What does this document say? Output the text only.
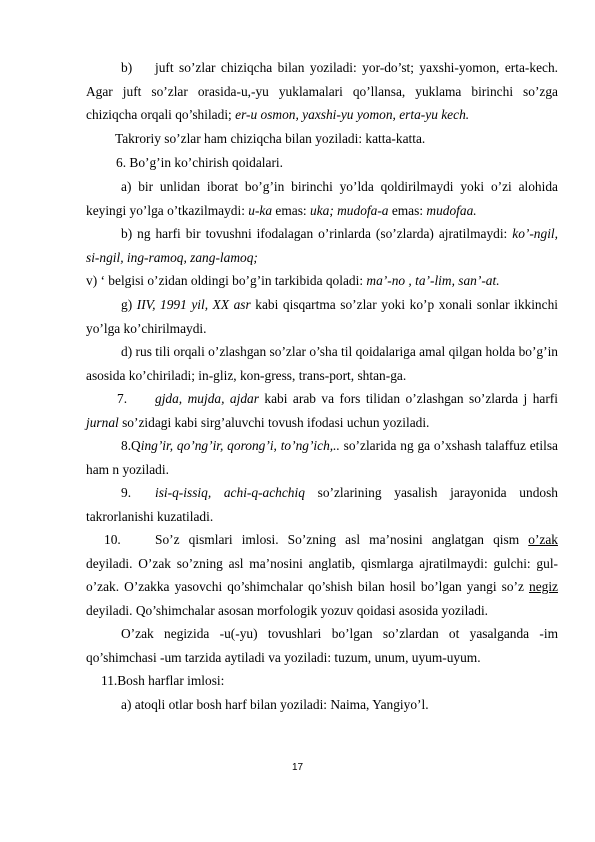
b)	juft so’zlar chiziqcha bilan yoziladi: yor-do’st; yaxshi-yomon, erta-kech. Agar juft so’zlar orasida-u,-yu yuklamalari qo’llansa, yuklama birinchi so’zga chiziqcha orqali qo’shiladi; er-u osmon, yaxshi-yu yomon, erta-yu kech.

Takroriy so’zlar ham chiziqcha bilan yoziladi: katta-katta.

6. Bo’g’in ko’chirish qoidalari.

a) bir unlidan iborat bo’g’in birinchi yo’lda qoldirilmaydi yoki o’zi alohida keyingi yo’lga o’tkazilmaydi: u-ka emas: uka; mudofa-a emas: mudofaa.

b) ng harfi bir tovushni ifodalagan o’rinlarda (so’zlarda) ajratilmaydi: ko’-ngil, si-ngil, ing-ramoq, zang-lamoq;

v) ‘ belgisi o’zidan oldingi bo’g’in tarkibida qoladi: ma’-no , ta’-lim, san’-at.

g) IIV, 1991 yil, XX asr kabi qisqartma so’zlar yoki ko’p xonali sonlar ikkinchi yo’lga ko’chirilmaydi.

d) rus tili orqali o’zlashgan so’zlar o’sha til qoidalariga amal qilgan holda bo’g’in asosida ko’chiriladi; in-gliz, kon-gress, trans-port, shtan-ga.

7.	gjda, mujda, ajdar kabi arab va fors tilidan o’zlashgan so’zlarda j harfi jurnal so’zidagi kabi sirg’aluvchi tovush ifodasi uchun yoziladi.

8.Qing’ir, qo’ng’ir, qorong’i, to’ng’ich,.. so’zlarida ng ga o’xshash talaffuz etilsa ham n yoziladi.

9.	isi-q-issiq, achi-q-achchiq so’zlarining yasalish jarayonida undosh takrorlanishi kuzatiladi.

10.	So’z qismlari imlosi. So’zning asl ma’nosini anglatgan qism o’zak deyiladi. O’zak so’zning asl ma’nosini anglatib, qismlarga ajratilmaydi: gulchi: gul-o’zak. O’zakka yasovchi qo’shimchalar qo’shish bilan hosil bo’lgan yangi so’z negiz deyiladi. Qo’shimchalar asosan morfologik yozuv qoidasi asosida yoziladi.

O’zak negizida -u(-yu) tovushlari bo’lgan so’zlardan ot yasalganda -im qo’shimchasi -um tarzida aytiladi va yoziladi: tuzum, unum, uyum-uyum.

11.Bosh harflar imlosi:

a) atoqli otlar bosh harf bilan yoziladi: Naima, Yangiyo’l.

17
